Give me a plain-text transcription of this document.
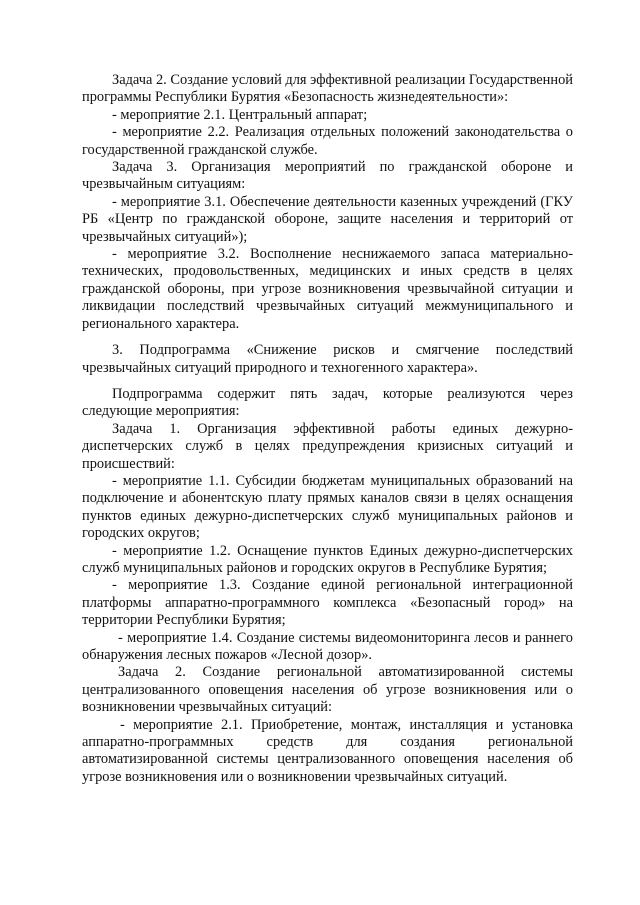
Задача 2. Создание условий для эффективной реализации Государственной программы Республики Бурятия «Безопасность жизнедеятельности»:

- мероприятие 2.1. Центральный аппарат;

- мероприятие 2.2. Реализация отдельных положений законодательства о государственной гражданской службе.

Задача 3. Организация мероприятий по гражданской обороне и чрезвычайным ситуациям:

- мероприятие 3.1. Обеспечение деятельности казенных учреждений (ГКУ РБ «Центр по гражданской обороне, защите населения и территорий от чрезвычайных ситуаций»);

- мероприятие 3.2. Восполнение неснижаемого запаса материально-технических, продовольственных, медицинских и иных средств в целях гражданской обороны, при угрозе возникновения чрезвычайной ситуации и ликвидации последствий чрезвычайных ситуаций межмуниципального и регионального характера.

3. Подпрограмма «Снижение рисков и смягчение последствий чрезвычайных ситуаций природного и техногенного характера».

Подпрограмма содержит пять задач, которые реализуются через следующие мероприятия:

Задача 1. Организация эффективной работы единых дежурно-диспетчерских служб в целях предупреждения кризисных ситуаций и происшествий:

- мероприятие 1.1. Субсидии бюджетам муниципальных образований на подключение и абонентскую плату прямых каналов связи в целях оснащения пунктов единых дежурно-диспетчерских служб муниципальных районов и городских округов;

- мероприятие 1.2. Оснащение пунктов Единых дежурно-диспетчерских служб муниципальных районов и городских округов в Республике Бурятия;

- мероприятие 1.3. Создание единой региональной интеграционной платформы аппаратно-программного комплекса «Безопасный город» на территории Республики Бурятия;

- мероприятие 1.4. Создание системы видеомониторинга лесов и раннего обнаружения лесных пожаров «Лесной дозор».

Задача 2. Создание региональной автоматизированной системы централизованного оповещения населения об угрозе возникновения или о возникновении чрезвычайных ситуаций:

- мероприятие 2.1. Приобретение, монтаж, инсталляция и установка аппаратно-программных средств для создания региональной автоматизированной системы централизованного оповещения населения об угрозе возникновения или о возникновении чрезвычайных ситуаций.
